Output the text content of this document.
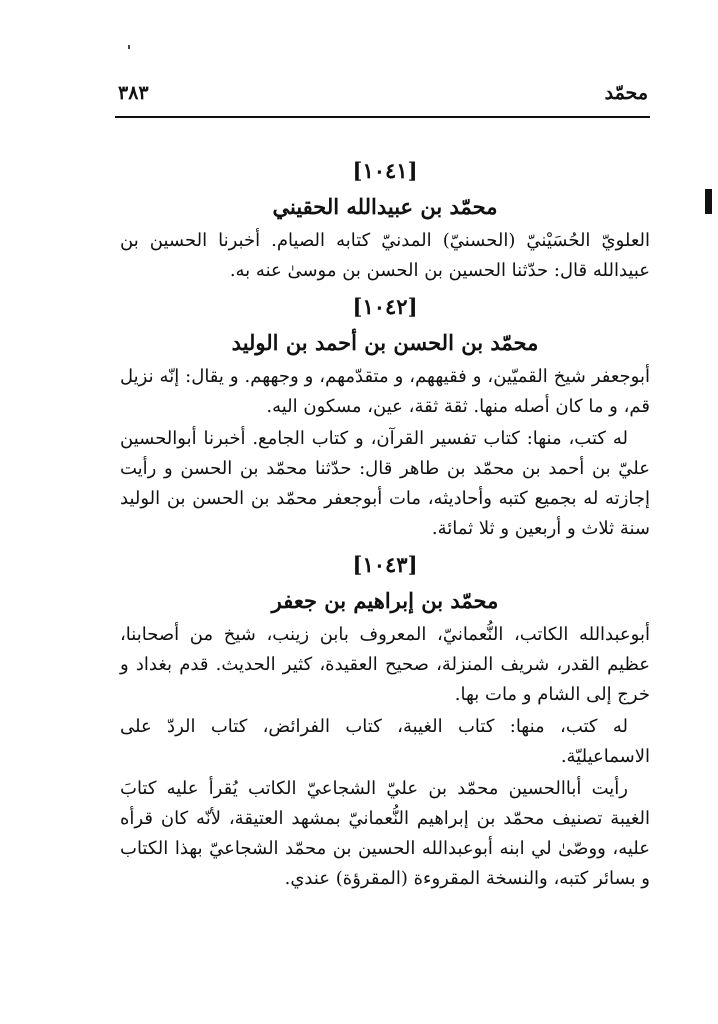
محمّد
٣٨٣
[١٠٤١]
محمّد بن عبيدالله الحقيني

العلويّ الحُسَيْنيّ (الحسنيّ) المدنيّ كتابه الصيام. أخبرنا الحسين بن عبيدالله قال: حدّثنا الحسين بن الحسن بن موسىٰ عنه به.

[١٠٤٢]
محمّد بن الحسن بن أحمد بن الوليد

أبوجعفر شيخ القميّين، و فقيههم، و متقدّمهم، و وجههم. و يقال: إنّه نزيل قم، و ما كان أصله منها. ثقة ثقة، عين، مسكون اليه.

له كتب، منها: كتاب تفسير القرآن، و كتاب الجامع. أخبرنا أبوالحسين عليّ بن أحمد بن محمّد بن طاهر قال: حدّثنا محمّد بن الحسن و رأيت إجازته له بجميع كتبه وأحاديثه، مات أبوجعفر محمّد بن الحسن بن الوليد سنة ثلاث و أربعين و ثلا ثمائة.

[١٠٤٣]
محمّد بن إبراهيم بن جعفر

أبوعبدالله الكاتب، النُّعمانيّ، المعروف بابن زينب، شيخ من أصحابنا، عظيم القدر، شريف المنزلة، صحيح العقيدة، كثير الحديث. قدم بغداد و خرج إلى الشام و مات بها.

له كتب، منها: كتاب الغيبة، كتاب الفرائض، كتاب الردّ على الاسماعيليّة.

رأيت أباالحسين محمّد بن عليّ الشجاعيّ الكاتب يُقرأ عليه كتابَ الغيبة تصنيف محمّد بن إبراهيم النُّعمانيّ بمشهد العتيقة، لأنّه كان قرأه عليه، ووصّىٰ لي ابنه أبوعبدالله الحسين بن محمّد الشجاعيّ بهذا الكتاب و بسائر كتبه، والنسخة المقروءة (المقرؤة) عندي.
